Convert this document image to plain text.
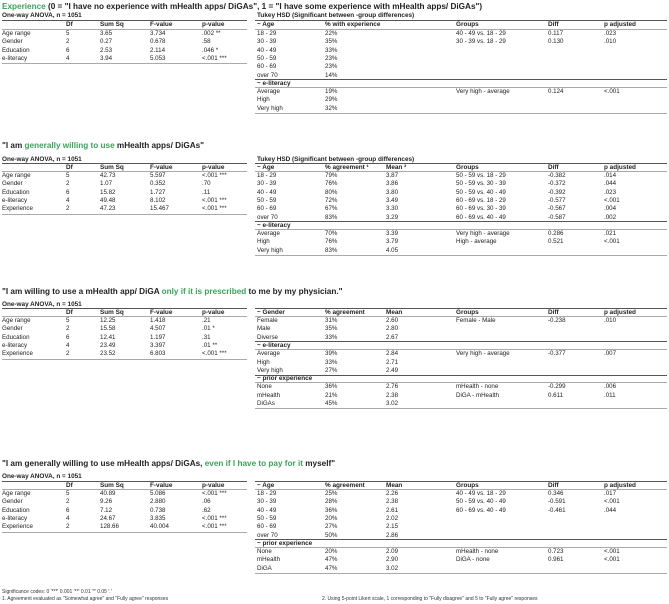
Experience (0 = "I have no experience with mHealth apps/ DiGAs", 1 = "I have some experience with mHealth apps/ DiGAs")
One-way ANOVA, n = 1051
Df	Sum Sq	F-value	p-value
Age range	5	3.65	3.734	.002 **
Gender	2	0.27	0.678	.58
Education	6	2.53	2.114	.046 *
e-literacy	4	3.94	5.053	<.001 ***
Tukey HSD (Significant between -group differences)
~ Age	% with experience	Groups	Diff	p adjusted
18 - 29	22%	40 - 49 vs. 18 - 29	0.117	.023
30 - 39	35%	30 - 39 vs. 18 - 29	0.130	.010
40 - 49	33%
50 - 59	23%
60 - 69	23%
over 70	14%
~ e-literacy
Average	19%	Very high - average	0.124	<.001
High	29%
Very high	32%
"I am generally willing to use mHealth apps/ DiGAs"
One-way ANOVA, n = 1051
Df	Sum Sq	F-value	p-value
Age range	5	42.73	5.597	<.001 ***
Gender	2	1.07	0.352	.70
Education	6	15.82	1.727	.11
e-literacy	4	49.48	8.102	<.001 ***
Experience	2	47.23	15.467	<.001 ***
Tukey HSD (Significant between -group differences)
~ Age	% agreement ¹	Mean ²	Groups	Diff	p adjusted
18 - 29	79%	3.87	50 - 59 vs. 18 - 29	-0.382	.014
30 - 39	76%	3.86	50 - 59 vs. 30 - 39	-0.372	.044
40 - 49	80%	3.80	50 - 59 vs. 40 - 49	-0.392	.023
50 - 59	72%	3.49	60 - 69 vs. 18 - 29	-0.577	<.001
60 - 69	67%	3.30	60 - 69 vs. 30 - 39	-0.567	.004
over 70	83%	3.29	60 - 69 vs. 40 - 49	-0.587	.002
~ e-literacy
Average	70%	3.39	Very high - average	0.286	.021
High	76%	3.79	High - average	0.521	<.001
Very high	83%	4.05
"I am willing to use a mHealth app/ DiGA only if it is prescribed to me by my physician."
One-way ANOVA, n = 1051
Df	Sum Sq	F-value	p-value
Age range	5	12.25	1.418	.21
Gender	2	15.58	4.507	.01 *
Education	6	12.41	1.197	.31
e-literacy	4	23.49	3.397	.01 **
Experience	2	23.52	6.803	<.001 ***
~ Gender	% agreement	Mean	Groups	Diff	p adjusted
Female	31%	2.60	Female - Male	-0.238	.010
Male	35%	2.80
Diverse	33%	2.67
~ e-literacy
Average	39%	2.84	Very high - average	-0.377	.007
High	33%	2.71
Very high	27%	2.49
~ prior experience
None	36%	2.76	mHealth - none	-0.299	.006
mHealth	21%	2.38	DiGA - mHealth	0.611	.011
DiGAs	45%	3.02
"I am generally willing to use mHealth apps/ DiGAs, even if I have to pay for it myself"
One-way ANOVA, n = 1051
Df	Sum Sq	F-value	p-value
Age range	5	40.89	5.086	<.001 ***
Gender	2	9.26	2.880	.06
Education	6	7.12	0.738	.62
e-literacy	4	24.67	3.835	<.001 ***
Experience	2	128.66	40.004	<.001 ***
~ Age	% agreement	Mean	Groups	Diff	p adjusted
18 - 29	25%	2.26	40 - 49 vs. 18 - 29	0.346	.017
30 - 39	28%	2.38	50 - 59 vs. 40 - 49	-0.591	<.001
40 - 49	36%	2.61	60 - 69 vs. 40 - 49	-0.461	.044
50 - 59	20%	2.02
60 - 69	27%	2.15
over 70	50%	2.86
~ prior experience
None	20%	2.09	mHealth - none	0.723	<.001
mHealth	47%	2.90	DiGA - none	0.961	<.001
DiGA	47%	3.02
Significance codes: 0 '***' 0.001 '**' 0.01 '*' 0.05 '.'
1. Agreement evaluated as "Somewhat agree" and "Fully agree" responses	2. Using 5-point Likert scale, 1 corresponding to "Fully disagree" and 5 to "Fully agree" responses
